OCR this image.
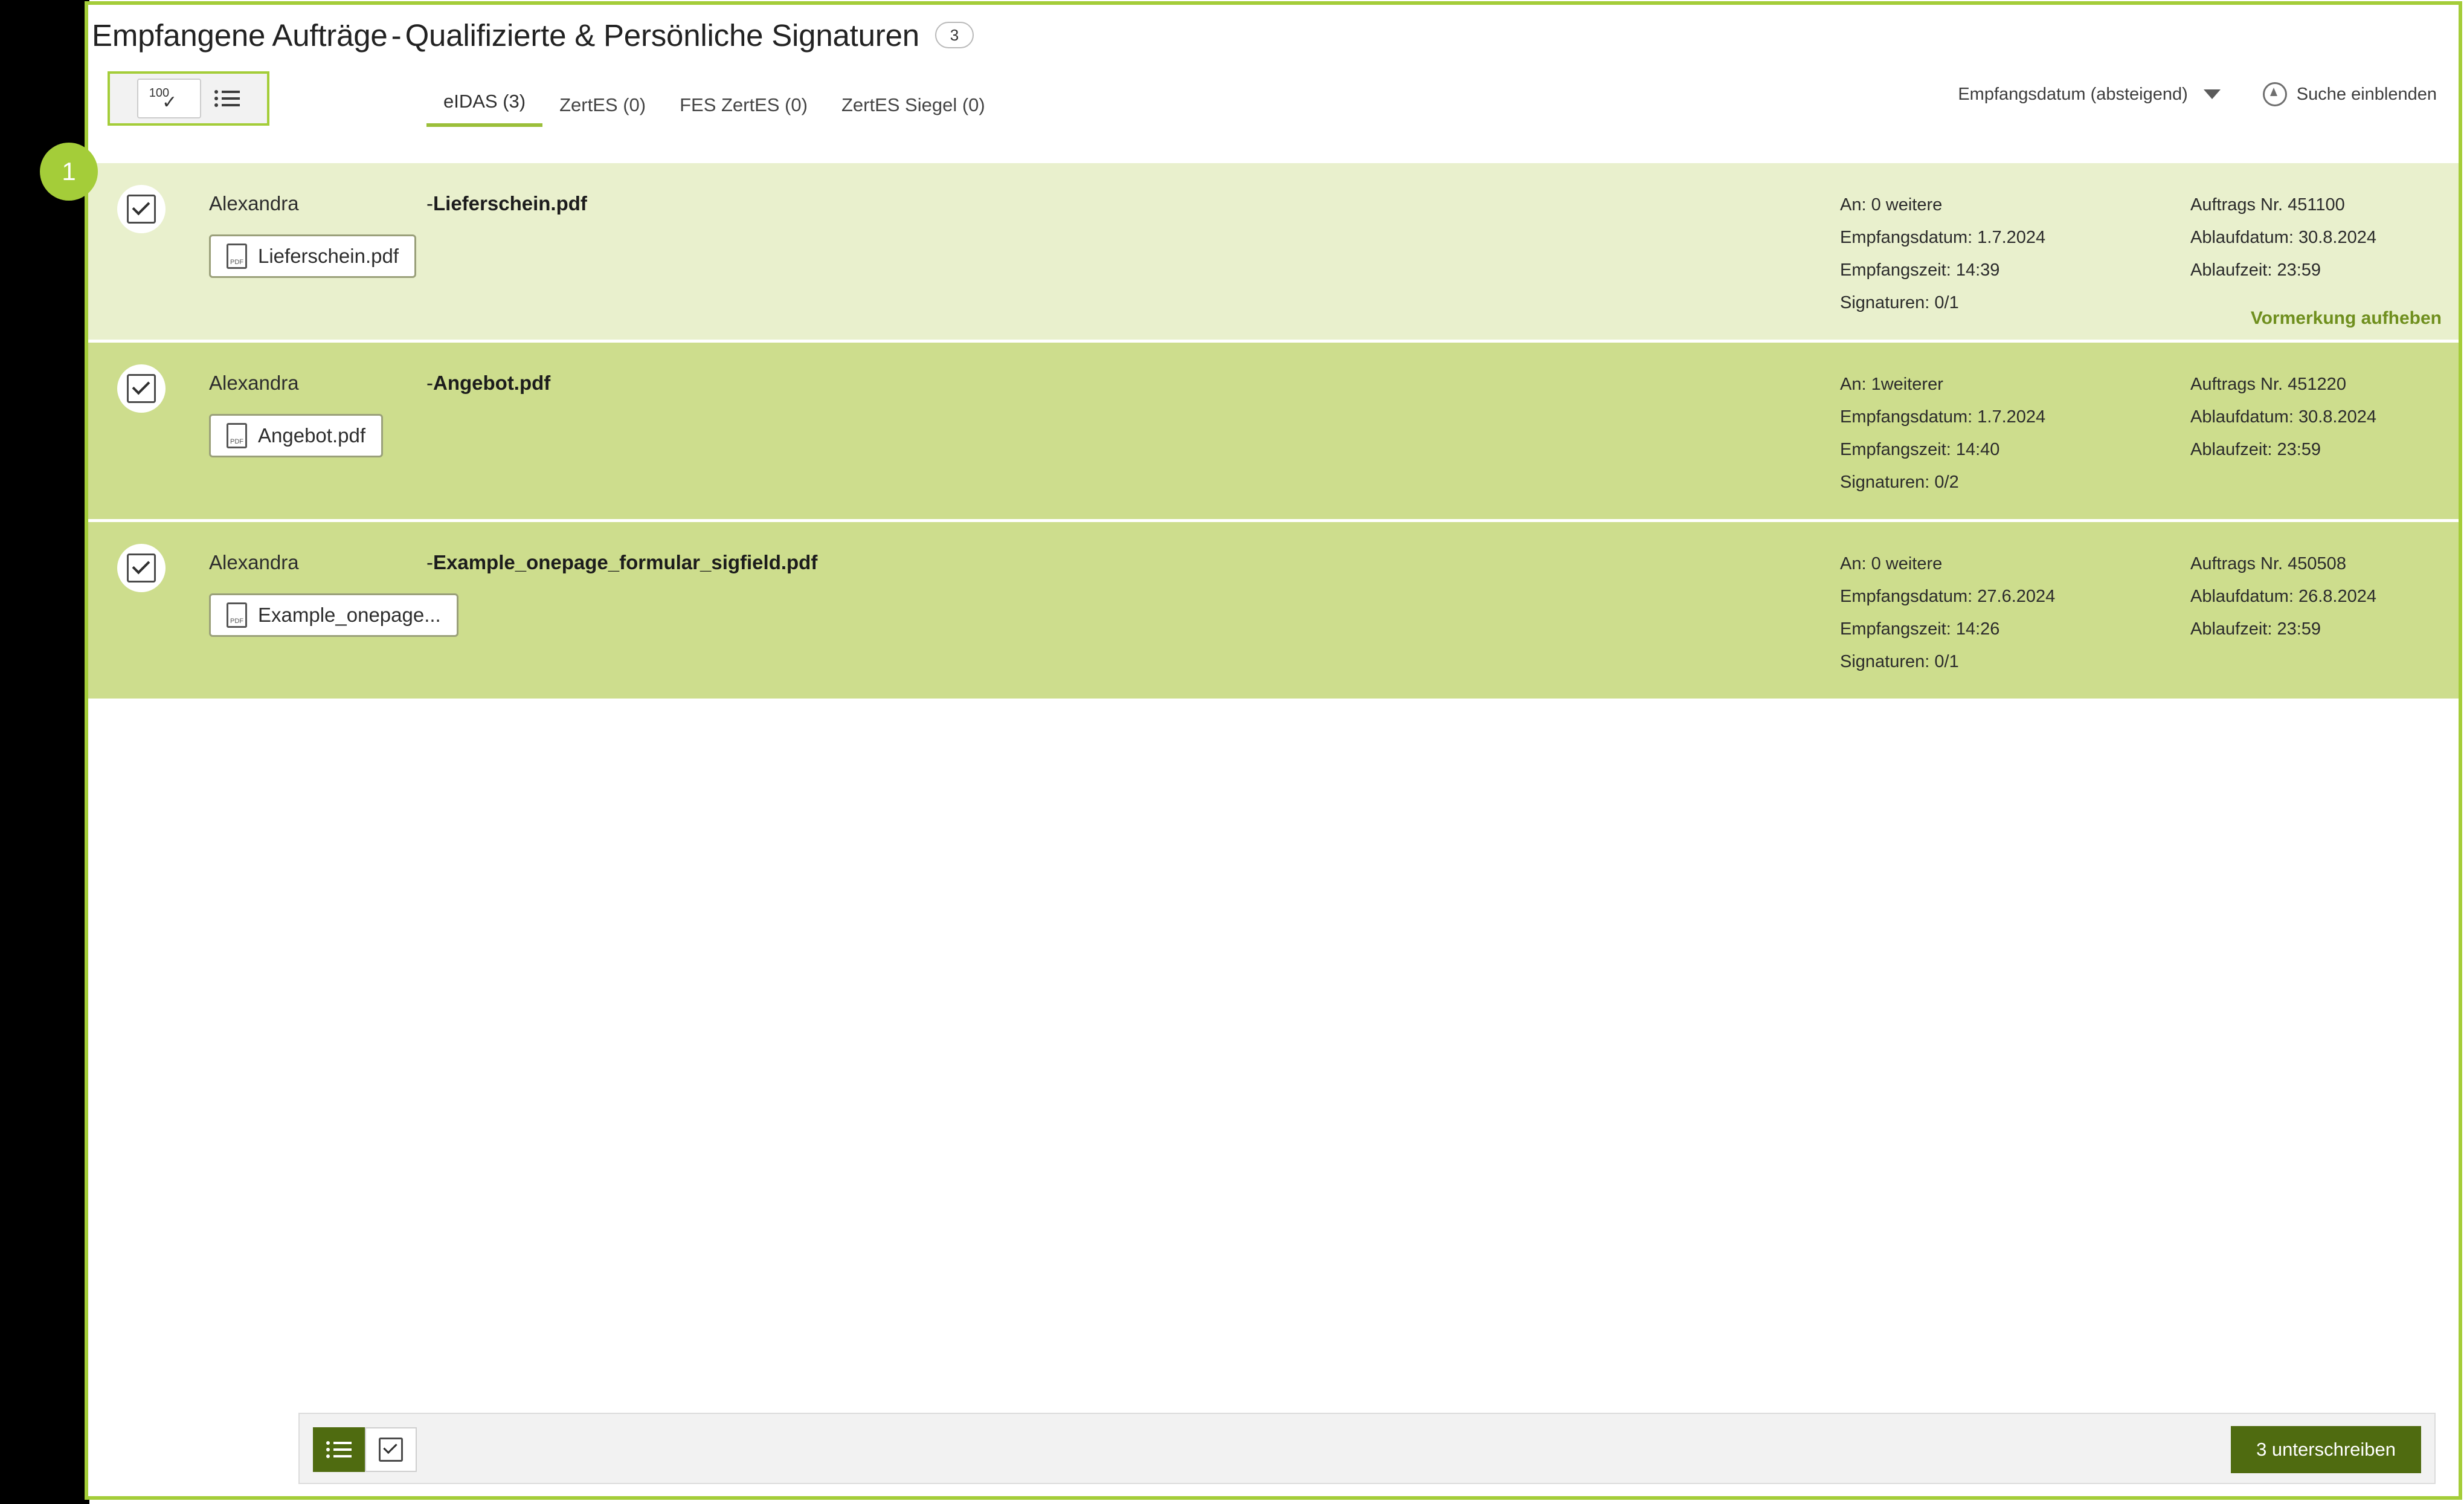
Empfangene Aufträge - Qualifizierte & Persönliche Signaturen	3
1
100
✓	eIDAS (3)	ZertES (0)	FES ZertES (0)	ZertES Siegel (0)
Empfangsdatum (absteigend)	Suche einblenden
Alexandra	-Lieferschein.pdf
PDF Lieferschein.pdf
An: 0 weitere
Empfangsdatum: 1.7.2024
Empfangszeit: 14:39
Signaturen: 0/1
Auftrags Nr. 451100
Ablaufdatum: 30.8.2024
Ablaufzeit: 23:59
Vormerkung aufheben
Alexandra	-Angebot.pdf
PDF Angebot.pdf
An: 1weiterer
Empfangsdatum: 1.7.2024
Empfangszeit: 14:40
Signaturen: 0/2
Auftrags Nr. 451220
Ablaufdatum: 30.8.2024
Ablaufzeit: 23:59
Alexandra	-Example_onepage_formular_sigfield.pdf
PDF Example_onepage...
An: 0 weitere
Empfangsdatum: 27.6.2024
Empfangszeit: 14:26
Signaturen: 0/1
Auftrags Nr. 450508
Ablaufdatum: 26.8.2024
Ablaufzeit: 23:59
3 unterschreiben
